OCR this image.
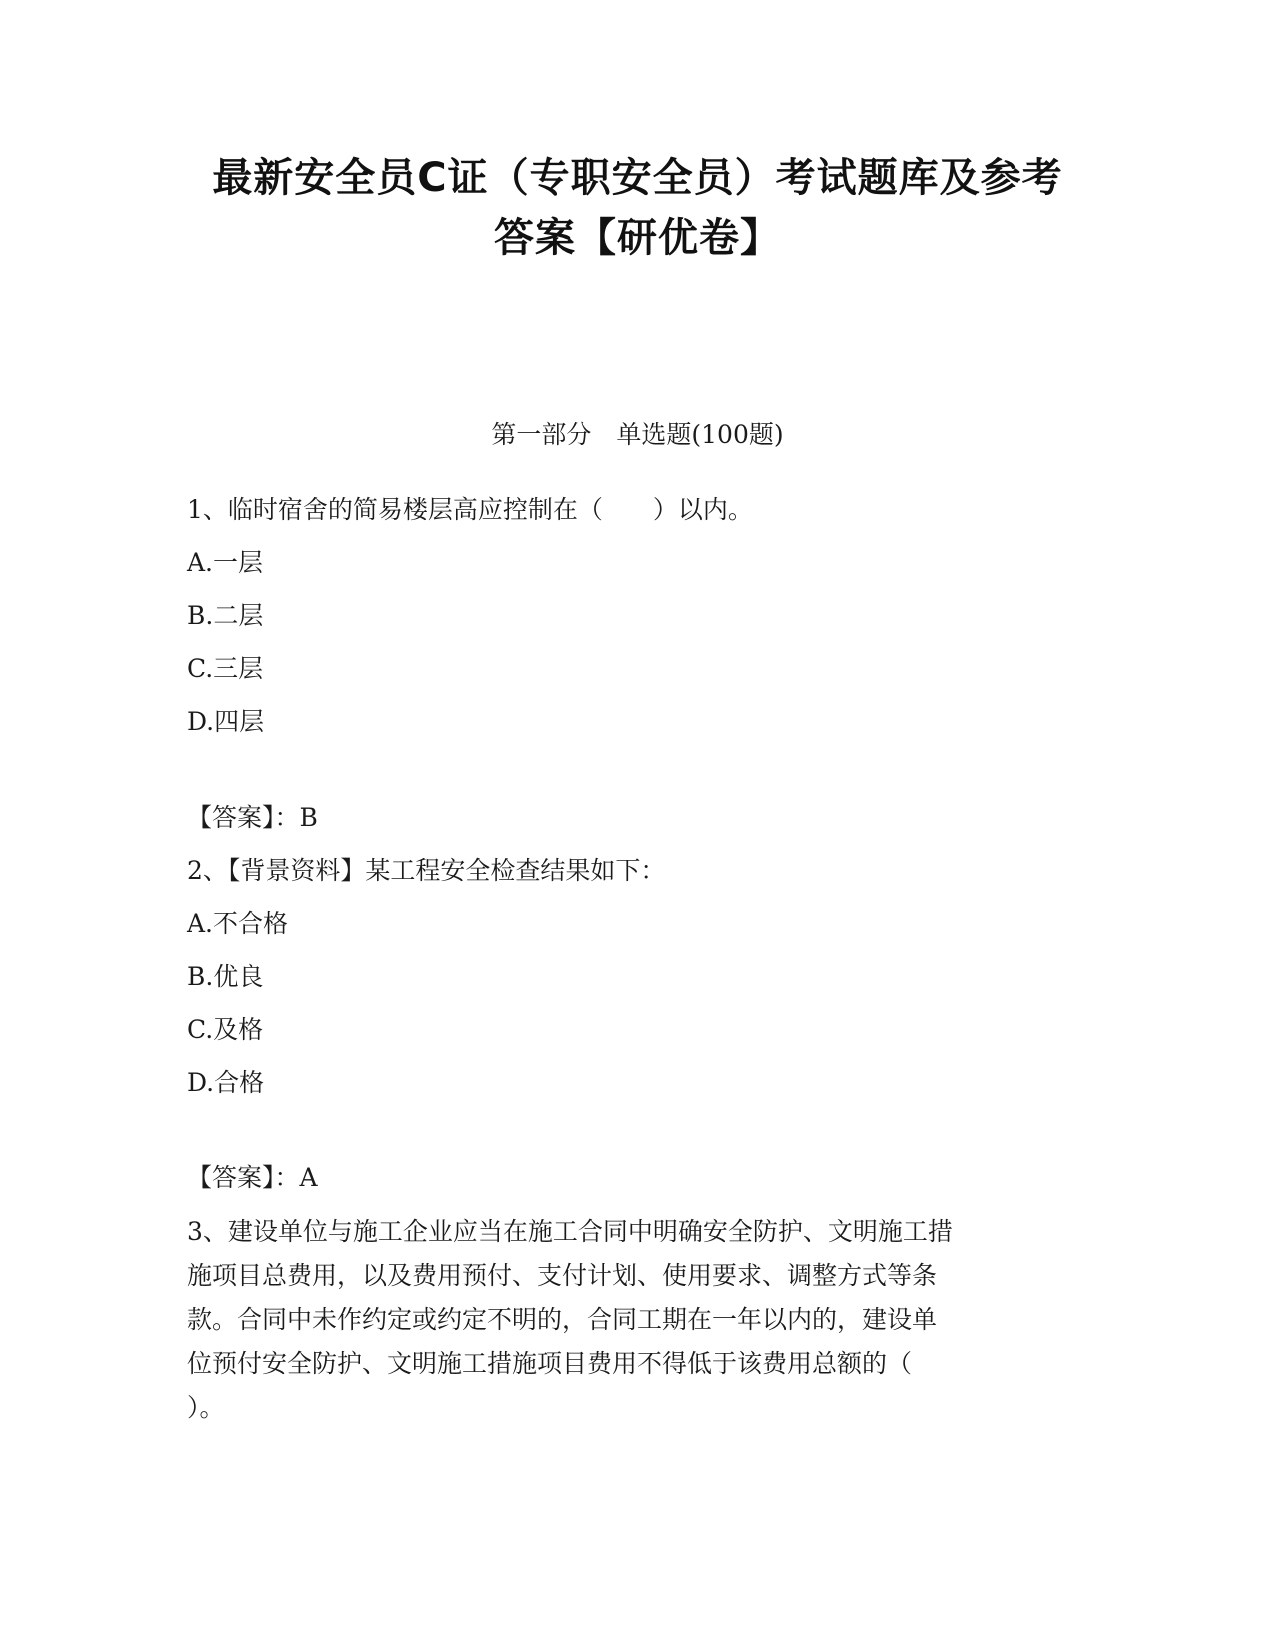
最新安全员C证（专职安全员）考试题库及参考
答案【研优卷】
第一部分　单选题(100题)
1、临时宿舍的简易楼层高应控制在（　　）以内。
A.一层
B.二层
C.三层
D.四层
【答案】：B
2、【背景资料】某工程安全检查结果如下：
A.不合格
B.优良
C.及格
D.合格
【答案】：A
3、建设单位与施工企业应当在施工合同中明确安全防护、文明施工措
施项目总费用，以及费用预付、支付计划、使用要求、调整方式等条
款。合同中未作约定或约定不明的，合同工期在一年以内的，建设单
位预付安全防护、文明施工措施项目费用不得低于该费用总额的（
）。
